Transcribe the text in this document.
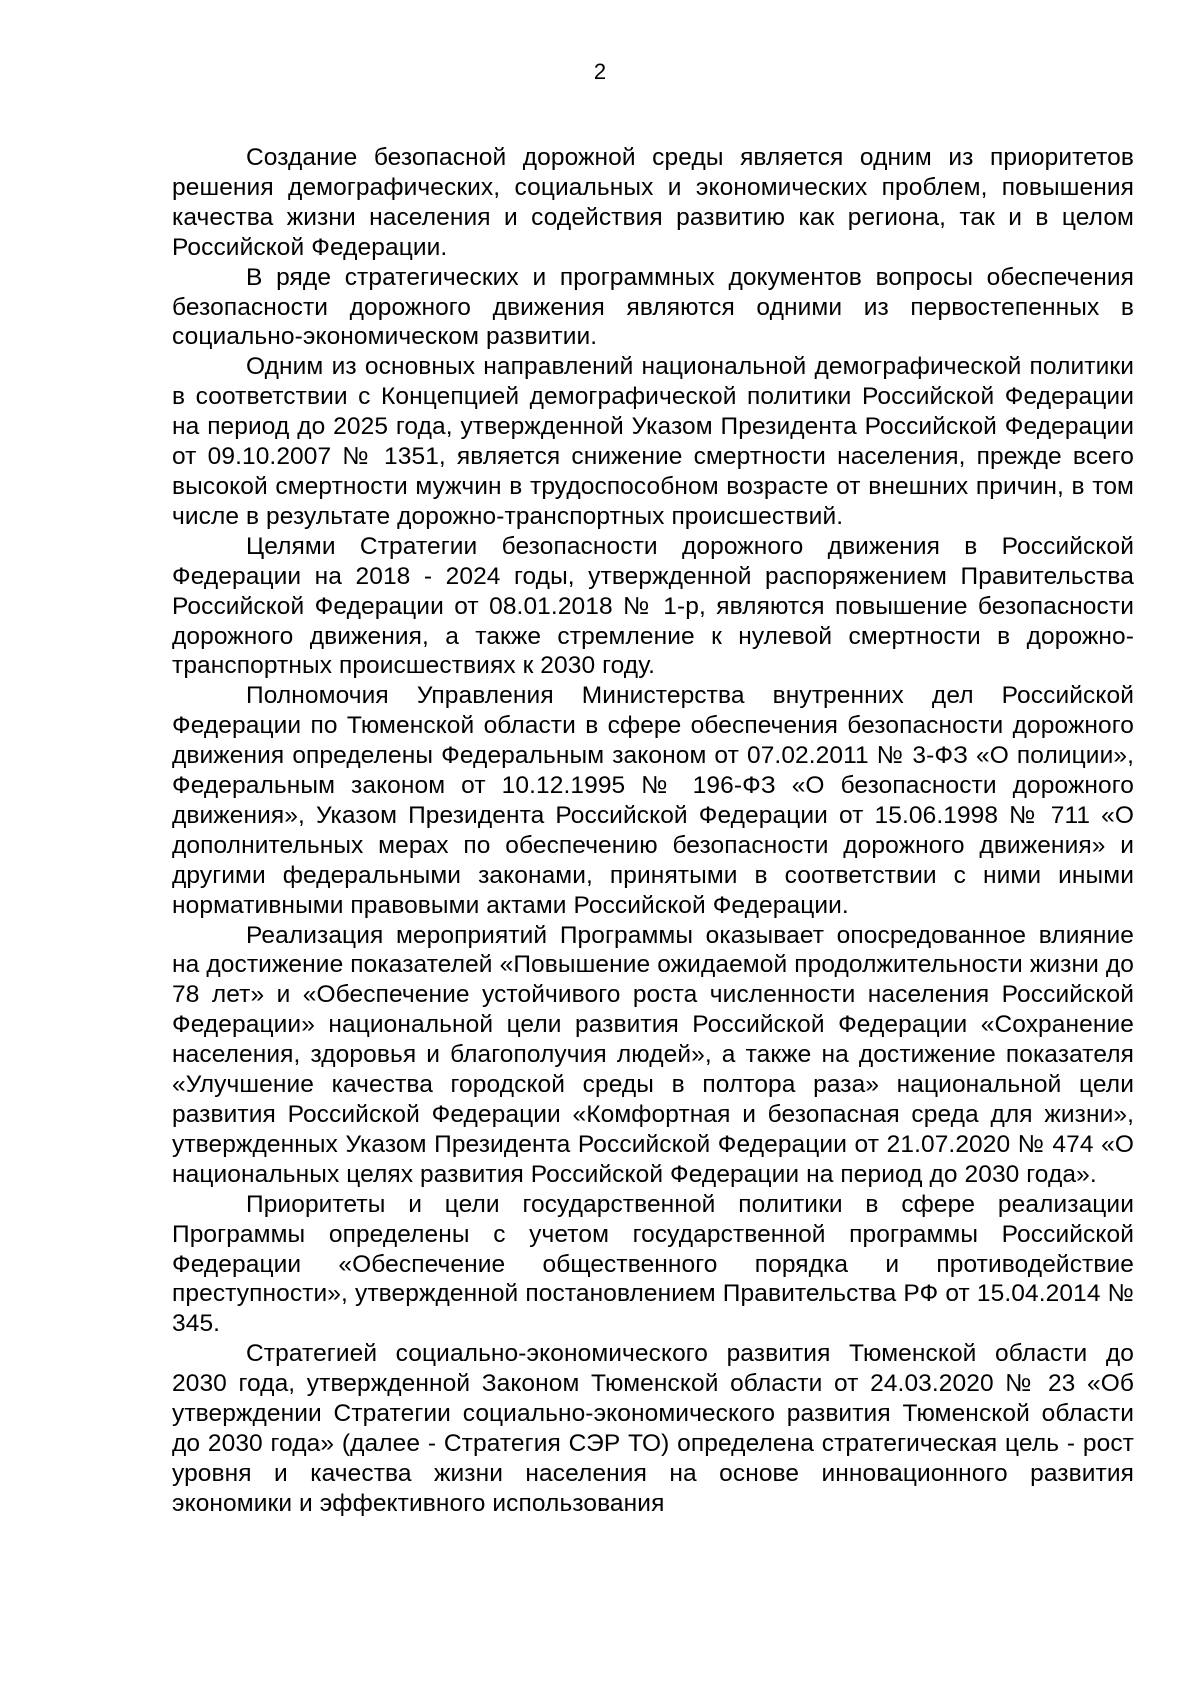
2

Создание безопасной дорожной среды является одним из приоритетов решения демографических, социальных и экономических проблем, повышения качества жизни населения и содействия развитию как региона, так и в целом Российской Федерации.

В ряде стратегических и программных документов вопросы обеспечения безопасности дорожного движения являются одними из первостепенных в социально-экономическом развитии.

Одним из основных направлений национальной демографической политики в соответствии с Концепцией демографической политики Российской Федерации на период до 2025 года, утвержденной Указом Президента Российской Федерации от 09.10.2007 № 1351, является снижение смертности населения, прежде всего высокой смертности мужчин в трудоспособном возрасте от внешних причин, в том числе в результате дорожно-транспортных происшествий.

Целями Стратегии безопасности дорожного движения в Российской Федерации на 2018 - 2024 годы, утвержденной распоряжением Правительства Российской Федерации от 08.01.2018 № 1-р, являются повышение безопасности дорожного движения, а также стремление к нулевой смертности в дорожно-транспортных происшествиях к 2030 году.

Полномочия Управления Министерства внутренних дел Российской Федерации по Тюменской области в сфере обеспечения безопасности дорожного движения определены Федеральным законом от 07.02.2011 № 3-ФЗ «О полиции», Федеральным законом от 10.12.1995 № 196-ФЗ «О безопасности дорожного движения», Указом Президента Российской Федерации от 15.06.1998 № 711 «О дополнительных мерах по обеспечению безопасности дорожного движения» и другими федеральными законами, принятыми в соответствии с ними иными нормативными правовыми актами Российской Федерации.

Реализация мероприятий Программы оказывает опосредованное влияние на достижение показателей «Повышение ожидаемой продолжительности жизни до 78 лет» и «Обеспечение устойчивого роста численности населения Российской Федерации» национальной цели развития Российской Федерации «Сохранение населения, здоровья и благополучия людей», а также на достижение показателя «Улучшение качества городской среды в полтора раза» национальной цели развития Российской Федерации «Комфортная и безопасная среда для жизни», утвержденных Указом Президента Российской Федерации от 21.07.2020 № 474 «О национальных целях развития Российской Федерации на период до 2030 года».

Приоритеты и цели государственной политики в сфере реализации Программы определены с учетом государственной программы Российской Федерации «Обеспечение общественного порядка и противодействие преступности», утвержденной постановлением Правительства РФ от 15.04.2014 № 345.

Стратегией социально-экономического развития Тюменской области до 2030 года, утвержденной Законом Тюменской области от 24.03.2020 № 23 «Об утверждении Стратегии социально-экономического развития Тюменской области до 2030 года» (далее - Стратегия СЭР ТО) определена стратегическая цель - рост уровня и качества жизни населения на основе инновационного развития экономики и эффективного использования
